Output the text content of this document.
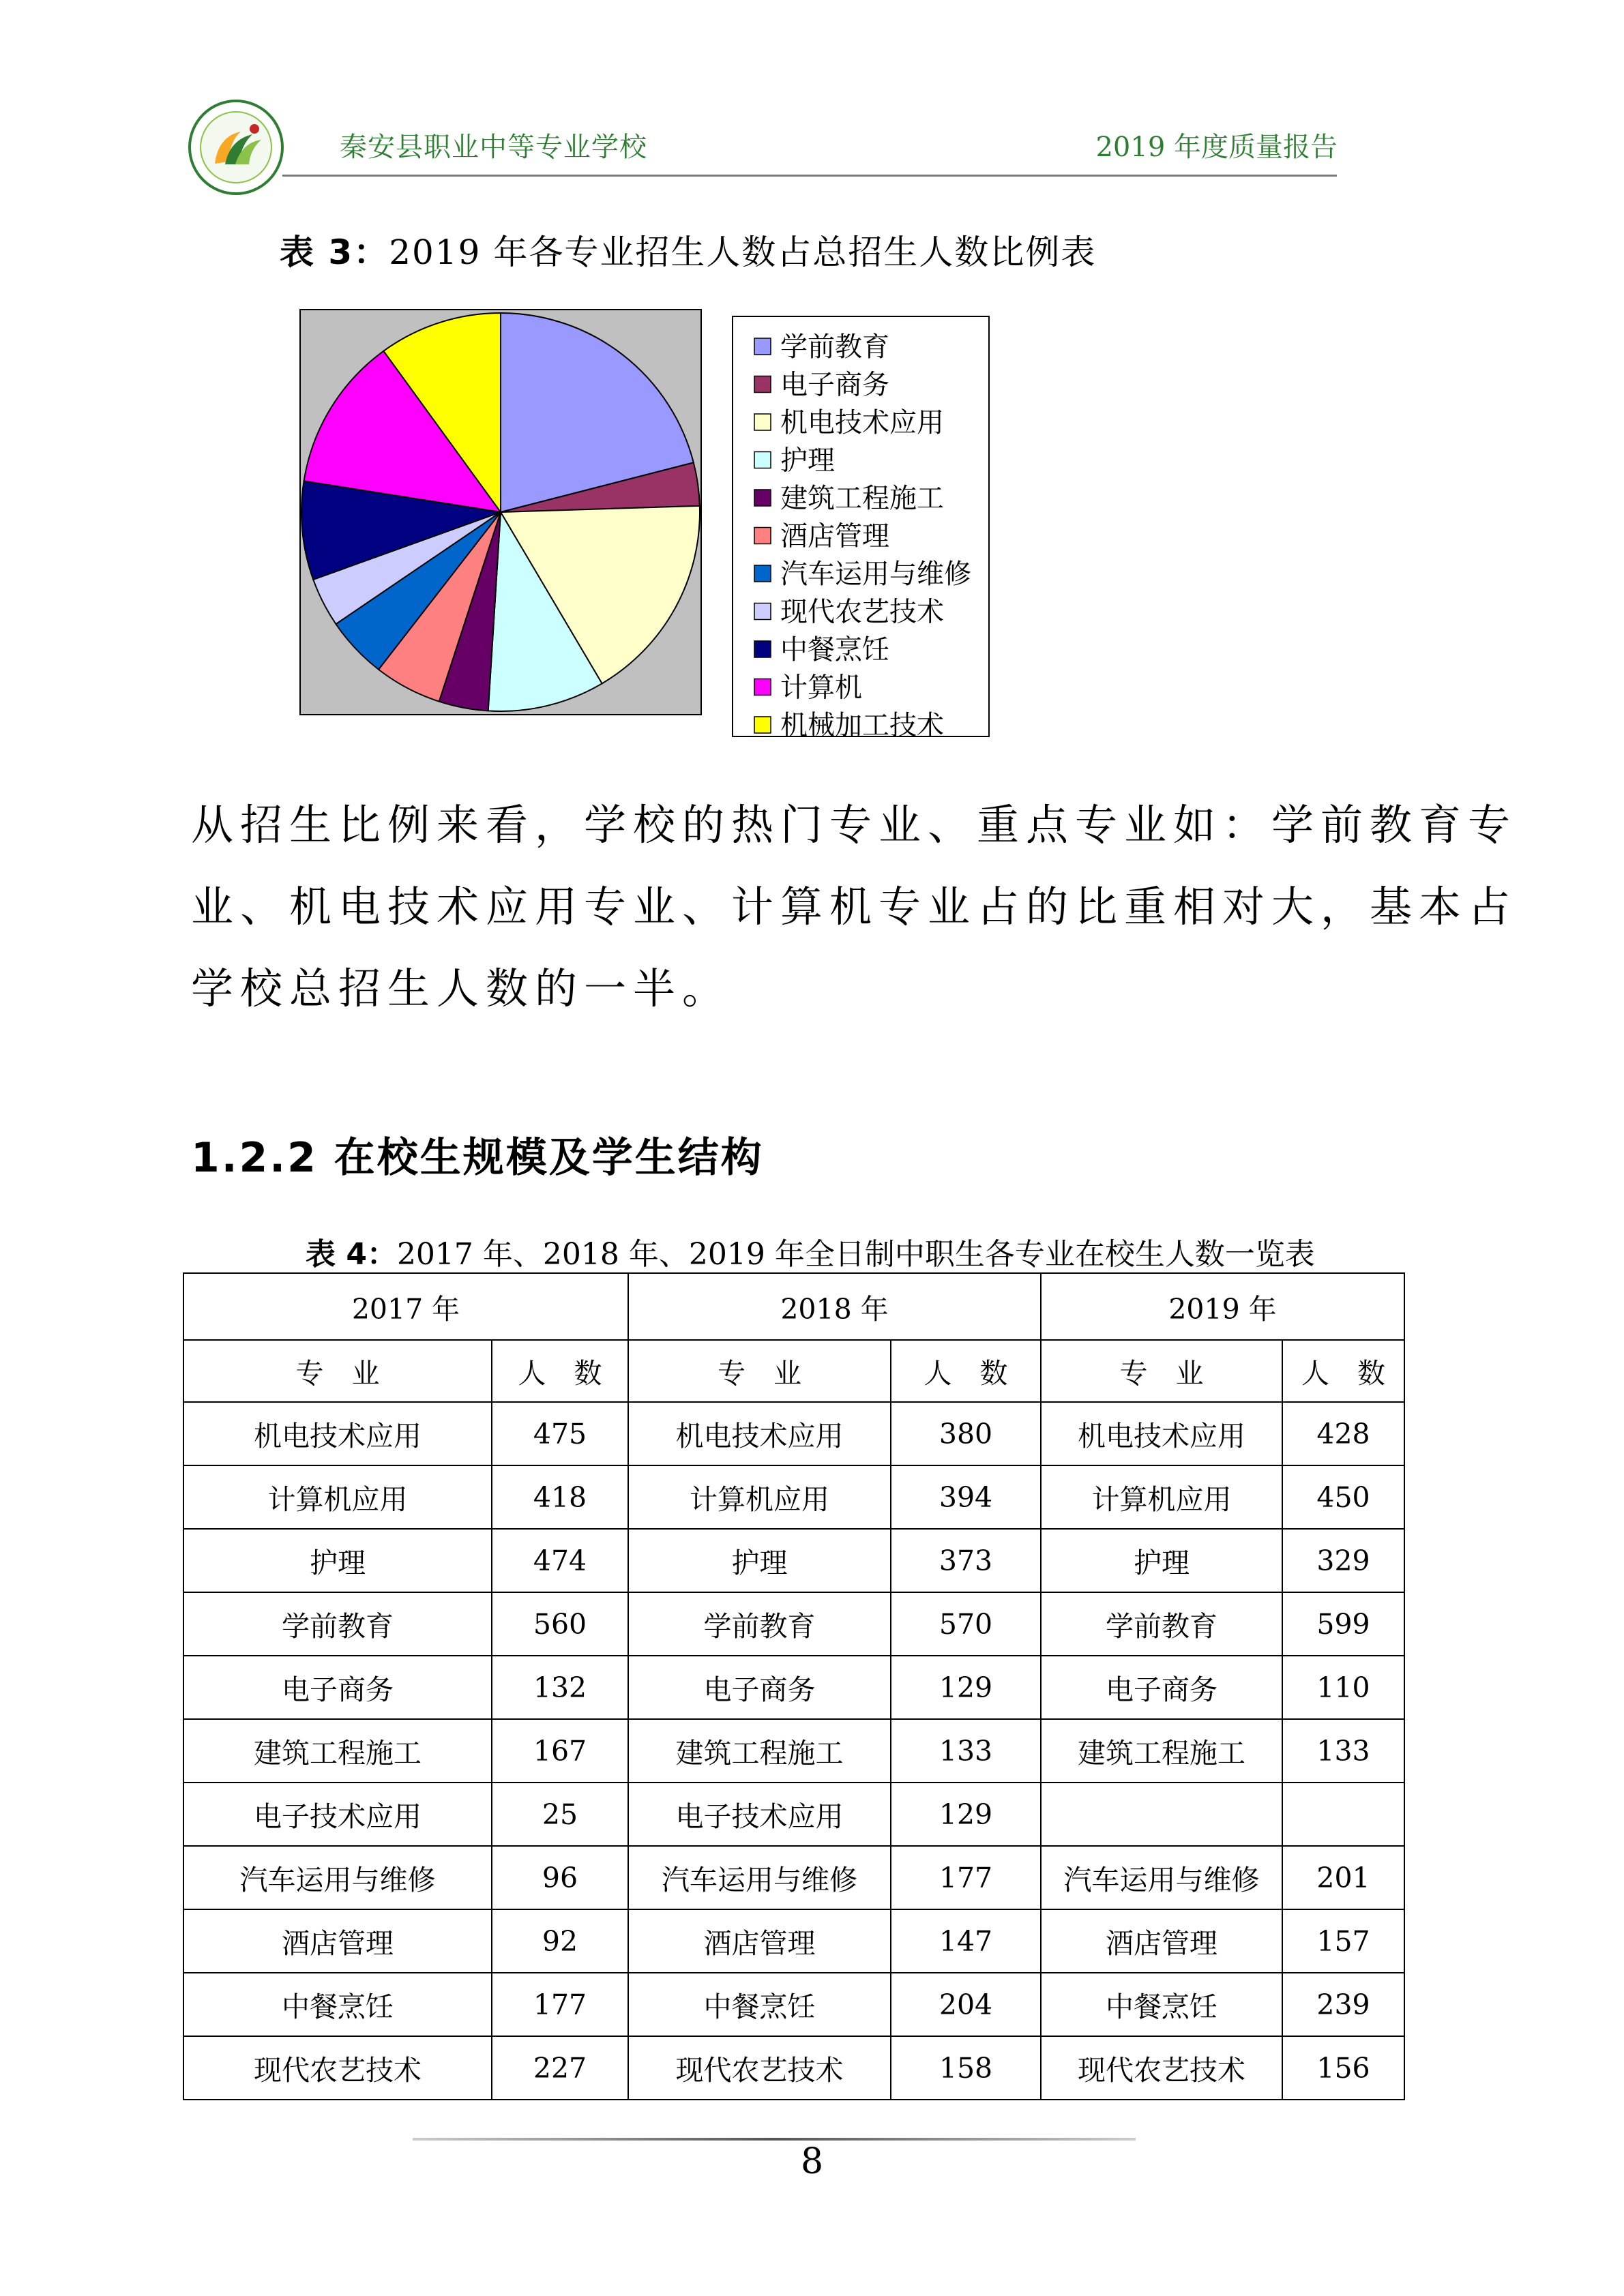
秦安县职业中等专业学校	2019 年度质量报告
表 3：2019 年各专业招生人数占总招生人数比例表
学前教育
电子商务
机电技术应用
护理
建筑工程施工
酒店管理
汽车运用与维修
现代农艺技术
中餐烹饪
计算机
机械加工技术
从招生比例来看，学校的热门专业、重点专业如：学前教育专
业、机电技术应用专业、计算机专业占的比重相对大，基本占
学校总招生人数的一半。
1.2.2 在校生规模及学生结构
表 4：2017 年、2018 年、2019 年全日制中职生各专业在校生人数一览表
2017 年		2018 年		2019 年	
专　业	人　数	专　业	人　数	专　业	人　数
机电技术应用	475	机电技术应用	380	机电技术应用	428
计算机应用	418	计算机应用	394	计算机应用	450
护理	474	护理	373	护理	329
学前教育	560	学前教育	570	学前教育	599
电子商务	132	电子商务	129	电子商务	110
建筑工程施工	167	建筑工程施工	133	建筑工程施工	133
电子技术应用	25	电子技术应用	129		
汽车运用与维修	96	汽车运用与维修	177	汽车运用与维修	201
酒店管理	92	酒店管理	147	酒店管理	157
中餐烹饪	177	中餐烹饪	204	中餐烹饪	239
现代农艺技术	227	现代农艺技术	158	现代农艺技术	156
8
